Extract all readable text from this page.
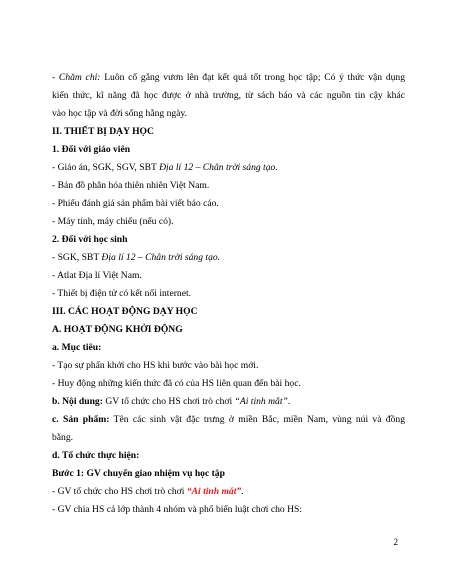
- Chăm chỉ: Luôn cố gắng vươn lên đạt kết quả tốt trong học tập; Có ý thức vận dụng
kiến thức, kĩ năng đã học được ở nhà trường, từ sách báo và các nguồn tin cậy khác
vào học tập và đời sống hằng ngày.
II. THIẾT BỊ DẠY HỌC
1. Đối với giáo viên
- Giáo án, SGK, SGV, SBT Địa lí 12 – Chân trời sáng tạo.
- Bản đồ phân hóa thiên nhiên Việt Nam.
- Phiếu đánh giá sản phẩm bài viết báo cáo.
- Máy tính, máy chiếu (nếu có).
2. Đối với học sinh
- SGK, SBT Địa lí 12 – Chân trời sáng tạo.
- Atlat Địa lí Việt Nam.
- Thiết bị điện tử có kết nối internet.
III. CÁC HOẠT ĐỘNG DẠY HỌC
A. HOẠT ĐỘNG KHỞI ĐỘNG
a. Mục tiêu:
- Tạo sự phấn khởi cho HS khi bước vào bài học mới.
- Huy động những kiến thức đã có của HS liên quan đến bài học.
b. Nội dung: GV tổ chức cho HS chơi trò chơi “Ai tinh mắt”.
c. Sản phẩm: Tên các sinh vật đặc trưng ở miền Bắc, miền Nam, vùng núi và đồng
bằng.
d. Tổ chức thực hiện:
Bước 1: GV chuyển giao nhiệm vụ học tập
- GV tổ chức cho HS chơi trò chơi “Ai tinh mắt”.
- GV chia HS cả lớp thành 4 nhóm và phổ biến luật chơi cho HS:
2
